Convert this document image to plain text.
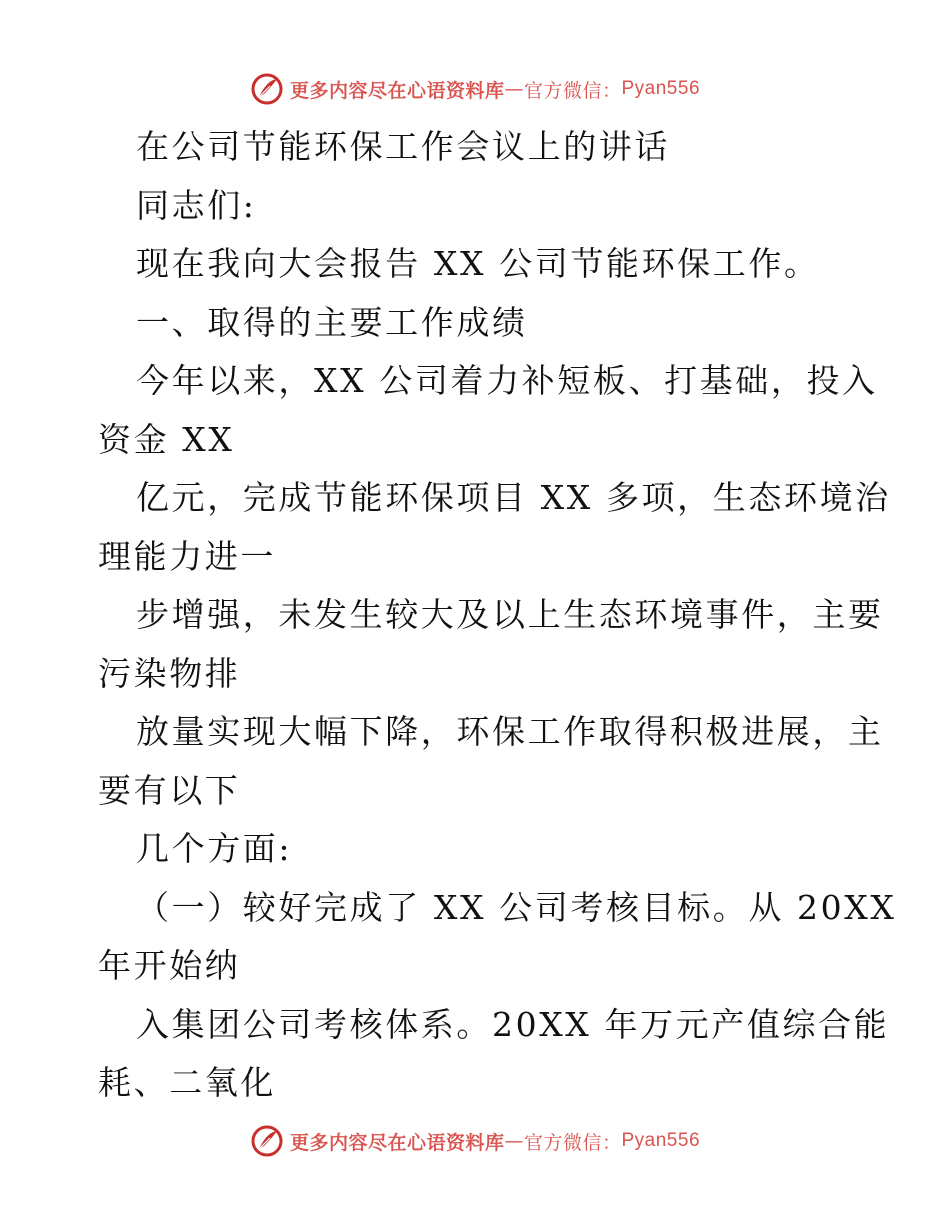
更多内容尽在心语资料库 — 官方微信： Pyan556
在公司节能环保工作会议上的讲话
同志们:
现在我向大会报告 XX 公司节能环保工作。
一、取得的主要工作成绩
今年以来，XX 公司着力补短板、打基础，投入
资金 XX
亿元，完成节能环保项目 XX 多项，生态环境治
理能力进一
步增强，未发生较大及以上生态环境事件，主要
污染物排
放量实现大幅下降，环保工作取得积极进展，主
要有以下
几个方面:
（一）较好完成了 XX 公司考核目标。从 20XX
年开始纳
入集团公司考核体系。20XX 年万元产值综合能
耗、二氧化
更多内容尽在心语资料库 — 官方微信： Pyan556
